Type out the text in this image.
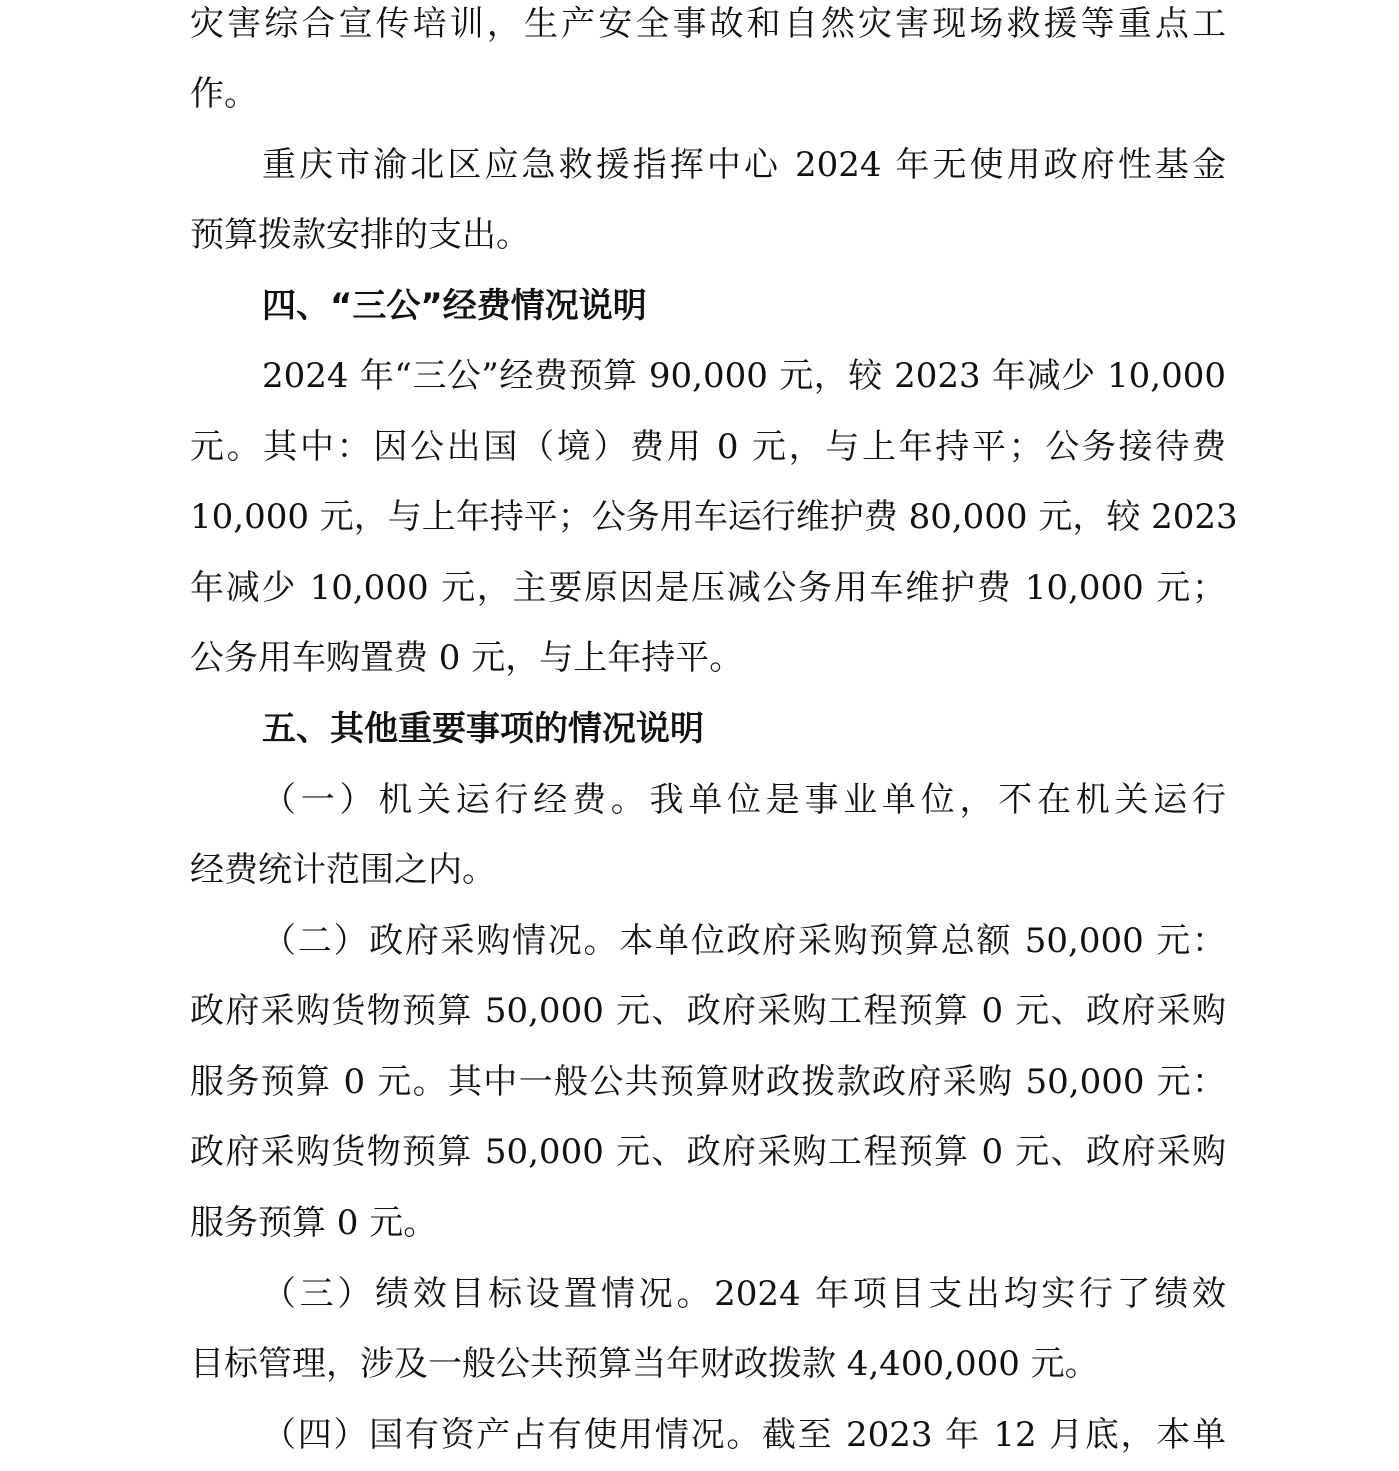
灾害综合宣传培训，生产安全事故和自然灾害现场救援等重点工
作。
重庆市渝北区应急救援指挥中心 2024 年无使用政府性基金
预算拨款安排的支出。
四、“三公”经费情况说明
2024 年“三公”经费预算 90,000 元，较 2023 年减少 10,000
元。其中：因公出国（境）费用 0 元，与上年持平；公务接待费
10,000 元，与上年持平；公务用车运行维护费 80,000 元，较 2023
年减少 10,000 元，主要原因是压减公务用车维护费 10,000 元；
公务用车购置费 0 元，与上年持平。
五、其他重要事项的情况说明
（一）机关运行经费。我单位是事业单位，不在机关运行
经费统计范围之内。
（二）政府采购情况。本单位政府采购预算总额 50,000 元：
政府采购货物预算 50,000 元、政府采购工程预算 0 元、政府采购
服务预算 0 元。其中一般公共预算财政拨款政府采购 50,000 元：
政府采购货物预算 50,000 元、政府采购工程预算 0 元、政府采购
服务预算 0 元。
（三）绩效目标设置情况。2024 年项目支出均实行了绩效
目标管理，涉及一般公共预算当年财政拨款 4,400,000 元。
（四）国有资产占有使用情况。截至 2023 年 12 月底，本单
